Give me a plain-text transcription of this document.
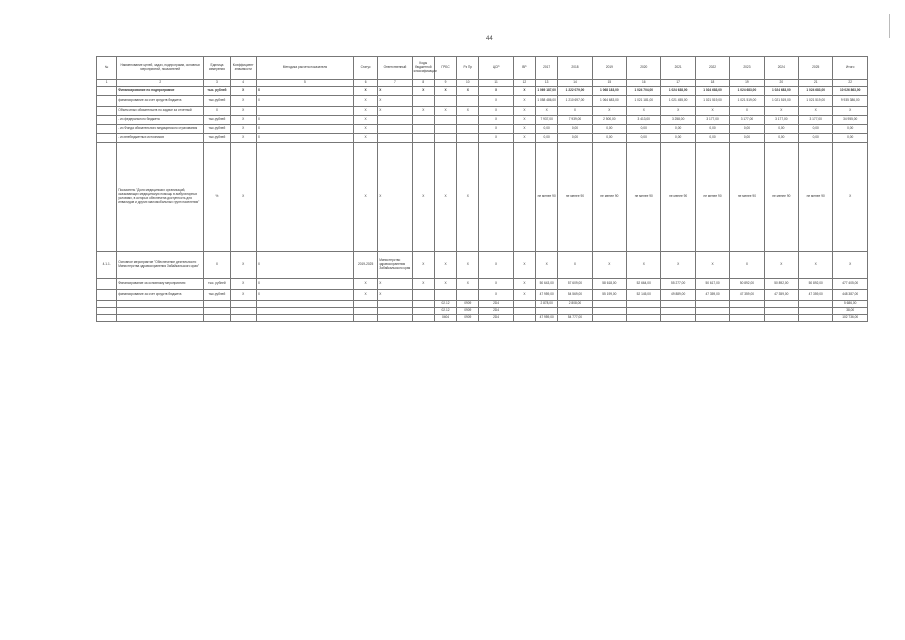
44
№	Наименование целей, задач, подпрограмм, основных мероприятий, показателей	Единица измерения	Коэффициент значимости	Методика расчета показателя	Статус	Ответственный	Коды бюджетной классификации	ГРБС	Рз Пр	ЦСР	ВР	2017	2018	2019	2020	2021	2022	2023	2024	2025	Итого
1	2	3	4	5	6	7	8	9	10	11	12	13	14	15	16	17	18	19	20	21	22
	Финансирование по подпрограмме	тыс. рублей	Х	Х	Х	Х	Х	Х	Х	Х	Х	1 069 187,00	1 222 079,00	1 068 183,00	1 024 704,00	1 024 638,00	1 024 683,00	1 024 683,00	1 024 683,00	1 024 683,00	10 026 863,00
	финансирование за счет средств бюджета	тыс.рублей	Х	Х	Х	Х				Х	Х	1 058 486,00	1 210 697,00	1 064 683,00	1 021 181,00	1 021 455,00	1 021 519,00	1 021 519,00	1 021 519,00	1 021 519,00	9 935 386,00
	Объем иных обязательств по задаче за отчетный	Х	Х		Х	Х	Х	Х	Х	Х	Х	Х	Х	Х	Х	Х	Х	Х	Х	Х	Х
	- из федерального бюджета	тыс.рублей	Х	Х	Х					Х	Х	7 937,00	7 939,00	2 500,00	3 413,00	3 258,00	3 177,00	3 177,00	3 177,00	3 177,00	34 955,00
	- из Фонда обязательного медицинского страхования	тыс.рублей	Х	Х	Х					Х	Х	0,00	0,00	0,00	0,00	0,00	0,00	0,00	0,00	0,00	0,00
	- из внебюджетных источников	тыс.рублей	Х	Х	Х					Х	Х	0,00	0,00	0,00	0,00	0,00	0,00	0,00	0,00	0,00	0,00
	Показатель "Доля медицинских организаций, оказывающих медицинскую помощь в амбулаторных условиях, в которых обеспечена доступность для инвалидов и других маломобильных групп населения"	%	Х		Х	Х	Х	Х	Х			не менее 90	не менее 90	не менее 90	не менее 90	не менее 90	не менее 90	не менее 90	не менее 90	не менее 90	Х
4.1.1.	Основное мероприятие "Обеспечение деятельности Министерства здравоохранения Забайкальского края"	Х	Х	Х	2019-2025	Министерство здравоохранения Забайкальского края	Х	Х	Х	Х	Х	Х	Х	Х	Х	Х	Х	Х	Х	Х	Х
	Финансирование за основному мероприятию	тыс. рублей	Х	Х	Х	Х	Х	Х	Х	Х	Х	50 643,00	57 609,00	58 618,00	52 664,00	55 277,00	50 617,00	50 892,00	50 892,00	50 892,00	477 405,00
	финансирование за счет средств бюджета	тыс.рублей	Х	Х	Х	Х				Х	Х	47 959,00	54 569,00	55 199,00	52 145,00	49 889,00	47 359,00	47 359,00	47 359,00	47 359,00	448 387,00
								02.12	0909	2D4		2 878,00	2 808,00								5 686,00
								02.12	0909	2D4											38,00
								0404	0909	2D4		47 959,00	54 777,00								102 736,00
